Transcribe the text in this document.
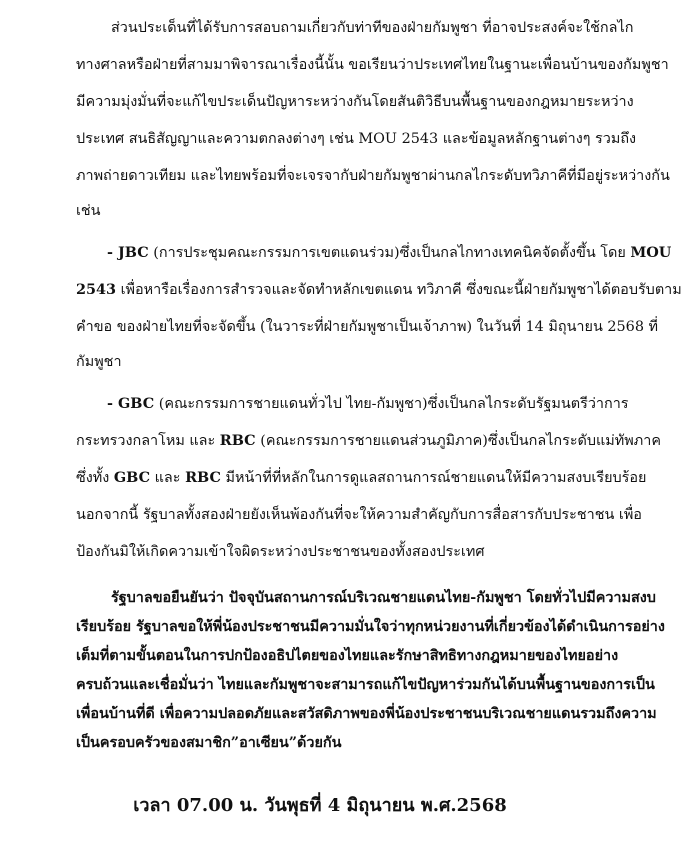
ส่วนประเด็นที่ได้รับการสอบถามเกี่ยวกับท่าทีของฝ่ายกัมพูชา ที่อาจประสงค์จะใช้กลไก
ทางศาลหรือฝ่ายที่สามมาพิจารณาเรื่องนี้นั้น ขอเรียนว่าประเทศไทยในฐานะเพื่อนบ้านของกัมพูชา
มีความมุ่งมั่นที่จะแก้ไขประเด็นปัญหาระหว่างกันโดยสันติวิธีบนพื้นฐานของกฎหมายระหว่าง
ประเทศ สนธิสัญญาและความตกลงต่างๆ เช่น MOU 2543 และข้อมูลหลักฐานต่างๆ รวมถึง
ภาพถ่ายดาวเทียม และไทยพร้อมที่จะเจรจากับฝ่ายกัมพูชาผ่านกลไกระดับทวิภาคีที่มีอยู่ระหว่างกัน
เช่น
- JBC (การประชุมคณะกรรมการเขตแดนร่วม)ซึ่งเป็นกลไกทางเทคนิคจัดตั้งขึ้น โดย MOU
2543 เพื่อหารือเรื่องการสำรวจและจัดทำหลักเขตแดน ทวิภาคี ซึ่งขณะนี้ฝ่ายกัมพูชาได้ตอบรับตาม
คำขอ ของฝ่ายไทยที่จะจัดขึ้น (ในวาระที่ฝ่ายกัมพูชาเป็นเจ้าภาพ) ในวันที่ 14 มิถุนายน 2568 ที่
กัมพูชา
- GBC (คณะกรรมการชายแดนทั่วไป ไทย-กัมพูชา)ซึ่งเป็นกลไกระดับรัฐมนตรีว่าการ
กระทรวงกลาโหม และ RBC (คณะกรรมการชายแดนส่วนภูมิภาค)ซึ่งเป็นกลไกระดับแม่ทัพภาค
ซึ่งทั้ง GBC และ RBC มีหน้าที่ที่หลักในการดูแลสถานการณ์ชายแดนให้มีความสงบเรียบร้อย
นอกจากนี้ รัฐบาลทั้งสองฝ่ายยังเห็นพ้องกันที่จะให้ความสำคัญกับการสื่อสารกับประชาชน เพื่อ
ป้องกันมิให้เกิดความเข้าใจผิดระหว่างประชาชนของทั้งสองประเทศ
รัฐบาลขอยืนยันว่า ปัจจุบันสถานการณ์บริเวณชายแดนไทย-กัมพูชา โดยทั่วไปมีความสงบ
เรียบร้อย รัฐบาลขอให้พี่น้องประชาชนมีความมั่นใจว่าทุกหน่วยงานที่เกี่ยวข้องได้ดำเนินการอย่าง
เต็มที่ตามขั้นตอนในการปกป้องอธิปไตยของไทยและรักษาสิทธิทางกฎหมายของไทยอย่าง
ครบถ้วนและเชื่อมั่นว่า ไทยและกัมพูชาจะสามารถแก้ไขปัญหาร่วมกันได้บนพื้นฐานของการเป็น
เพื่อนบ้านที่ดี เพื่อความปลอดภัยและสวัสดิภาพของพี่น้องประชาชนบริเวณชายแดนรวมถึงความ
เป็นครอบครัวของสมาชิก”อาเซียน”ด้วยกัน
เวลา 07.00 น. วันพุธที่ 4 มิถุนายน พ.ศ.2568
